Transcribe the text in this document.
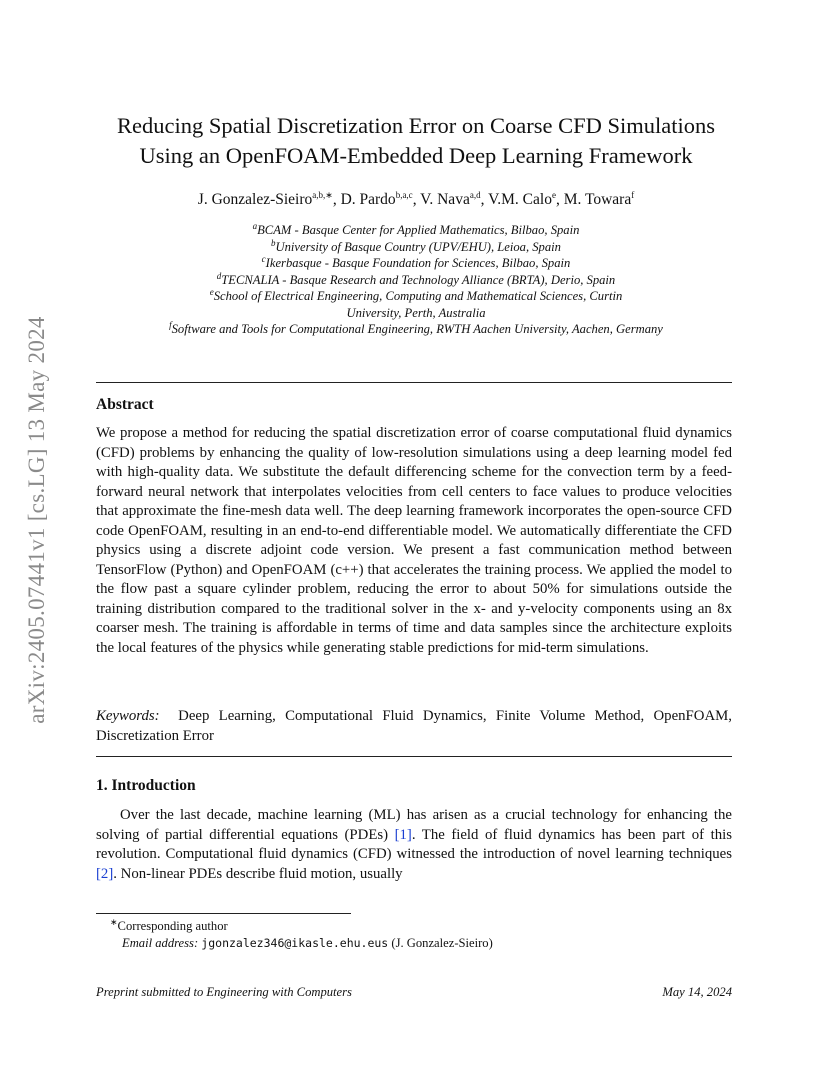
arXiv:2405.07441v1 [cs.LG] 13 May 2024
Reducing Spatial Discretization Error on Coarse CFD Simulations
Using an OpenFOAM-Embedded Deep Learning Framework
J. Gonzalez-Sieiro$^{a,b,∗}$, D. Pardo$^{b,a,c}$, V. Nava$^{a,d}$, V.M. Calo$^e$, M. Towara$^f$
$^a$BCAM - Basque Center for Applied Mathematics, Bilbao, Spain
$^b$University of Basque Country (UPV/EHU), Leioa, Spain
$^c$Ikerbasque - Basque Foundation for Sciences, Bilbao, Spain
$^d$TECNALIA - Basque Research and Technology Alliance (BRTA), Derio, Spain
$^e$School of Electrical Engineering, Computing and Mathematical Sciences, Curtin
University, Perth, Australia
$^f$Software and Tools for Computational Engineering, RWTH Aachen University, Aachen, Germany
Abstract

We propose a method for reducing the spatial discretization error of coarse computational fluid dynamics (CFD) problems by enhancing the quality of low-resolution simulations using a deep learning model fed with high-quality data. We substitute the default differencing scheme for the convection term by a feed-forward neural network that interpolates velocities from cell centers to face values to produce velocities that approximate the fine-mesh data well. The deep learning framework incorporates the open-source CFD code OpenFOAM, resulting in an end-to-end differentiable model. We automatically differentiate the CFD physics using a discrete adjoint code version. We present a fast communication method between TensorFlow (Python) and OpenFOAM (c++) that accelerates the training process. We applied the model to the flow past a square cylinder problem, reducing the error to about 50% for simulations outside the training distribution compared to the traditional solver in the x- and y-velocity components using an 8x coarser mesh. The training is affordable in terms of time and data samples since the architecture exploits the local features of the physics while generating stable predictions for mid-term simulations.

Keywords: Deep Learning, Computational Fluid Dynamics, Finite Volume Method, OpenFOAM, Discretization Error

1. Introduction

Over the last decade, machine learning (ML) has arisen as a crucial technology for enhancing the solving of partial differential equations (PDEs) [1]. The field of fluid dynamics has been part of this revolution. Computational fluid dynamics (CFD) witnessed the introduction of novel learning techniques [2]. Non-linear PDEs describe fluid motion, usually

∗Corresponding author
Email address: jgonzalez346@ikasle.ehu.eus (J. Gonzalez-Sieiro)
Preprint submitted to Engineering with Computers	May 14, 2024
